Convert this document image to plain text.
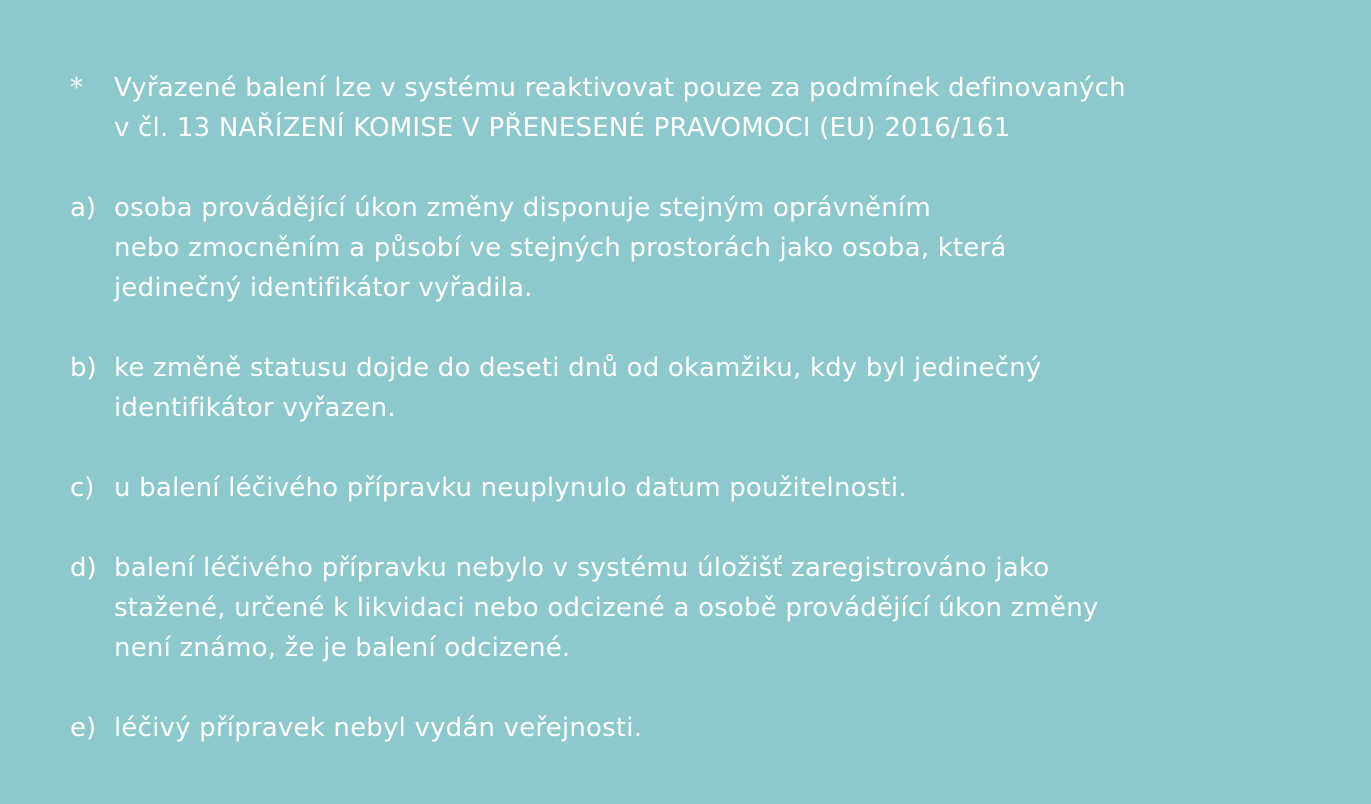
*	Vyřazené balení lze v systému reaktivovat pouze za podmínek definovaných
v čl. 13 NAŘÍZENÍ KOMISE V PŘENESENÉ PRAVOMOCI (EU) 2016/161
a) osoba provádějící úkon změny disponuje stejným oprávněním
nebo zmocněním a působí ve stejných prostorách jako osoba, která
jedinečný identifikátor vyřadila.
b) ke změně statusu dojde do deseti dnů od okamžiku, kdy byl jedinečný
identifikátor vyřazen.
c) u balení léčivého přípravku neuplynulo datum použitelnosti.
d) balení léčivého přípravku nebylo v systému úložišť zaregistrováno jako
stažené, určené k likvidaci nebo odcizené a osobě provádějící úkon změny
není známo, že je balení odcizené.
e) léčivý přípravek nebyl vydán veřejnosti.
